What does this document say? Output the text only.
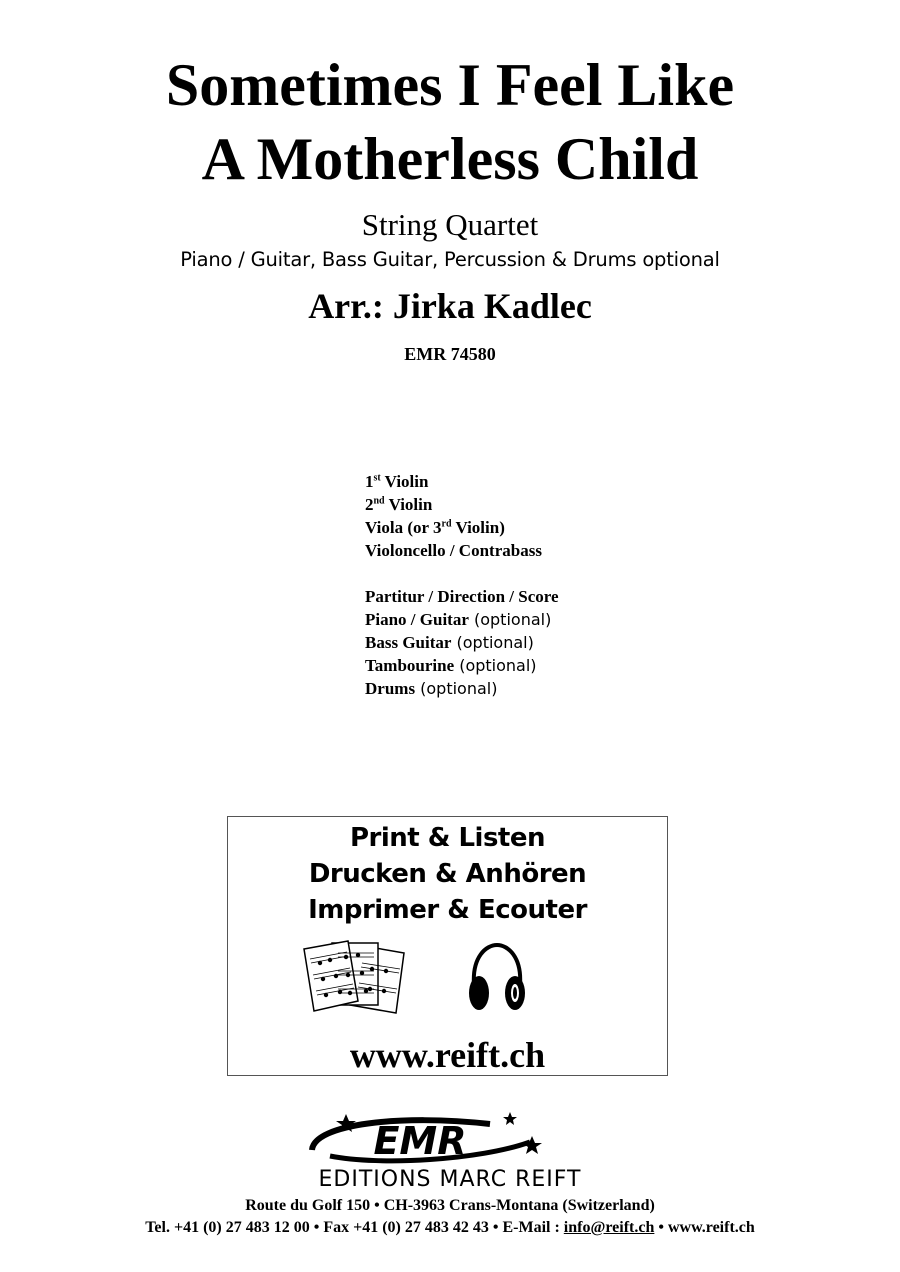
Sometimes I Feel Like
A Motherless Child
String Quartet
Piano / Guitar, Bass Guitar, Percussion & Drums optional
Arr.: Jirka Kadlec
EMR 74580
1st Violin
2nd Violin
Viola (or 3rd Violin)
Violoncello / Contrabass
Partitur / Direction / Score
Piano / Guitar (optional)
Bass Guitar (optional)
Tambourine (optional)
Drums (optional)
Print & Listen
Drucken & Anhören
Imprimer & Ecouter
www.reift.ch
EMR
EDITIONS MARC REIFT
Route du Golf 150 • CH-3963 Crans-Montana (Switzerland)
Tel. +41 (0) 27 483 12 00 • Fax +41 (0) 27 483 42 43 • E-Mail : info@reift.ch • www.reift.ch
